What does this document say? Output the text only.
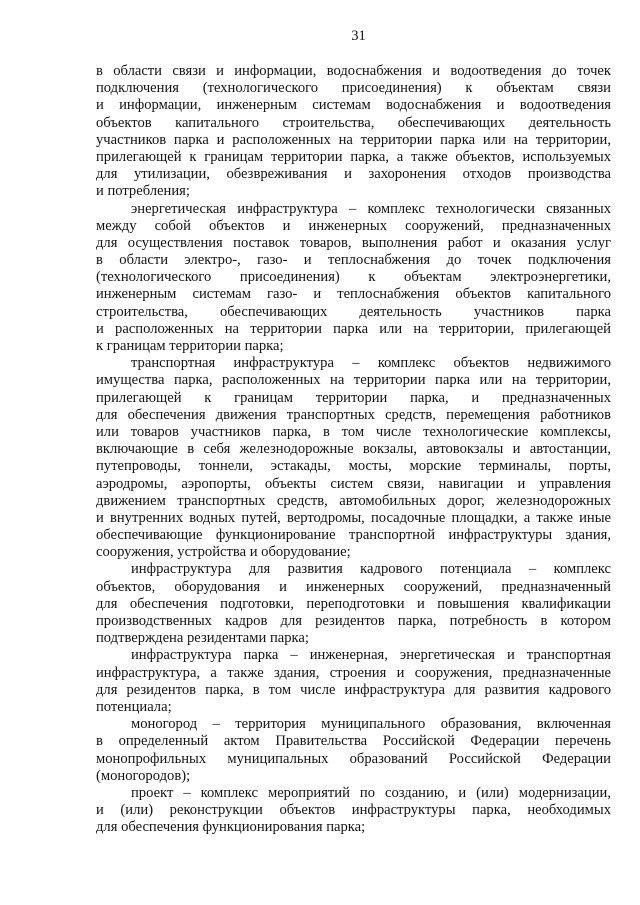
31
в области связи и информации, водоснабжения и водоотведения до точек
подключения (технологического присоединения) к объектам связи
и информации, инженерным системам водоснабжения и водоотведения
объектов капитального строительства, обеспечивающих деятельность
участников парка и расположенных на территории парка или на территории,
прилегающей к границам территории парка, а также объектов, используемых
для утилизации, обезвреживания и захоронения отходов производства
и потребления;
энергетическая инфраструктура – комплекс технологически связанных
между собой объектов и инженерных сооружений, предназначенных
для осуществления поставок товаров, выполнения работ и оказания услуг
в области электро-, газо- и теплоснабжения до точек подключения
(технологического присоединения) к объектам электроэнергетики,
инженерным системам газо- и теплоснабжения объектов капитального
строительства, обеспечивающих деятельность участников парка
и расположенных на территории парка или на территории, прилегающей
к границам территории парка;
транспортная инфраструктура – комплекс объектов недвижимого
имущества парка, расположенных на территории парка или на территории,
прилегающей к границам территории парка, и предназначенных
для обеспечения движения транспортных средств, перемещения работников
или товаров участников парка, в том числе технологические комплексы,
включающие в себя железнодорожные вокзалы, автовокзалы и автостанции,
путепроводы, тоннели, эстакады, мосты, морские терминалы, порты,
аэродромы, аэропорты, объекты систем связи, навигации и управления
движением транспортных средств, автомобильных дорог, железнодорожных
и внутренних водных путей, вертодромы, посадочные площадки, а также иные
обеспечивающие функционирование транспортной инфраструктуры здания,
сооружения, устройства и оборудование;
инфраструктура для развития кадрового потенциала – комплекс
объектов, оборудования и инженерных сооружений, предназначенный
для обеспечения подготовки, переподготовки и повышения квалификации
производственных кадров для резидентов парка, потребность в котором
подтверждена резидентами парка;
инфраструктура парка – инженерная, энергетическая и транспортная
инфраструктура, а также здания, строения и сооружения, предназначенные
для резидентов парка, в том числе инфраструктура для развития кадрового
потенциала;
моногород – территория муниципального образования, включенная
в определенный актом Правительства Российской Федерации перечень
монопрофильных муниципальных образований Российской Федерации
(моногородов);
проект – комплекс мероприятий по созданию, и (или) модернизации,
и (или) реконструкции объектов инфраструктуры парка, необходимых
для обеспечения функционирования парка;
